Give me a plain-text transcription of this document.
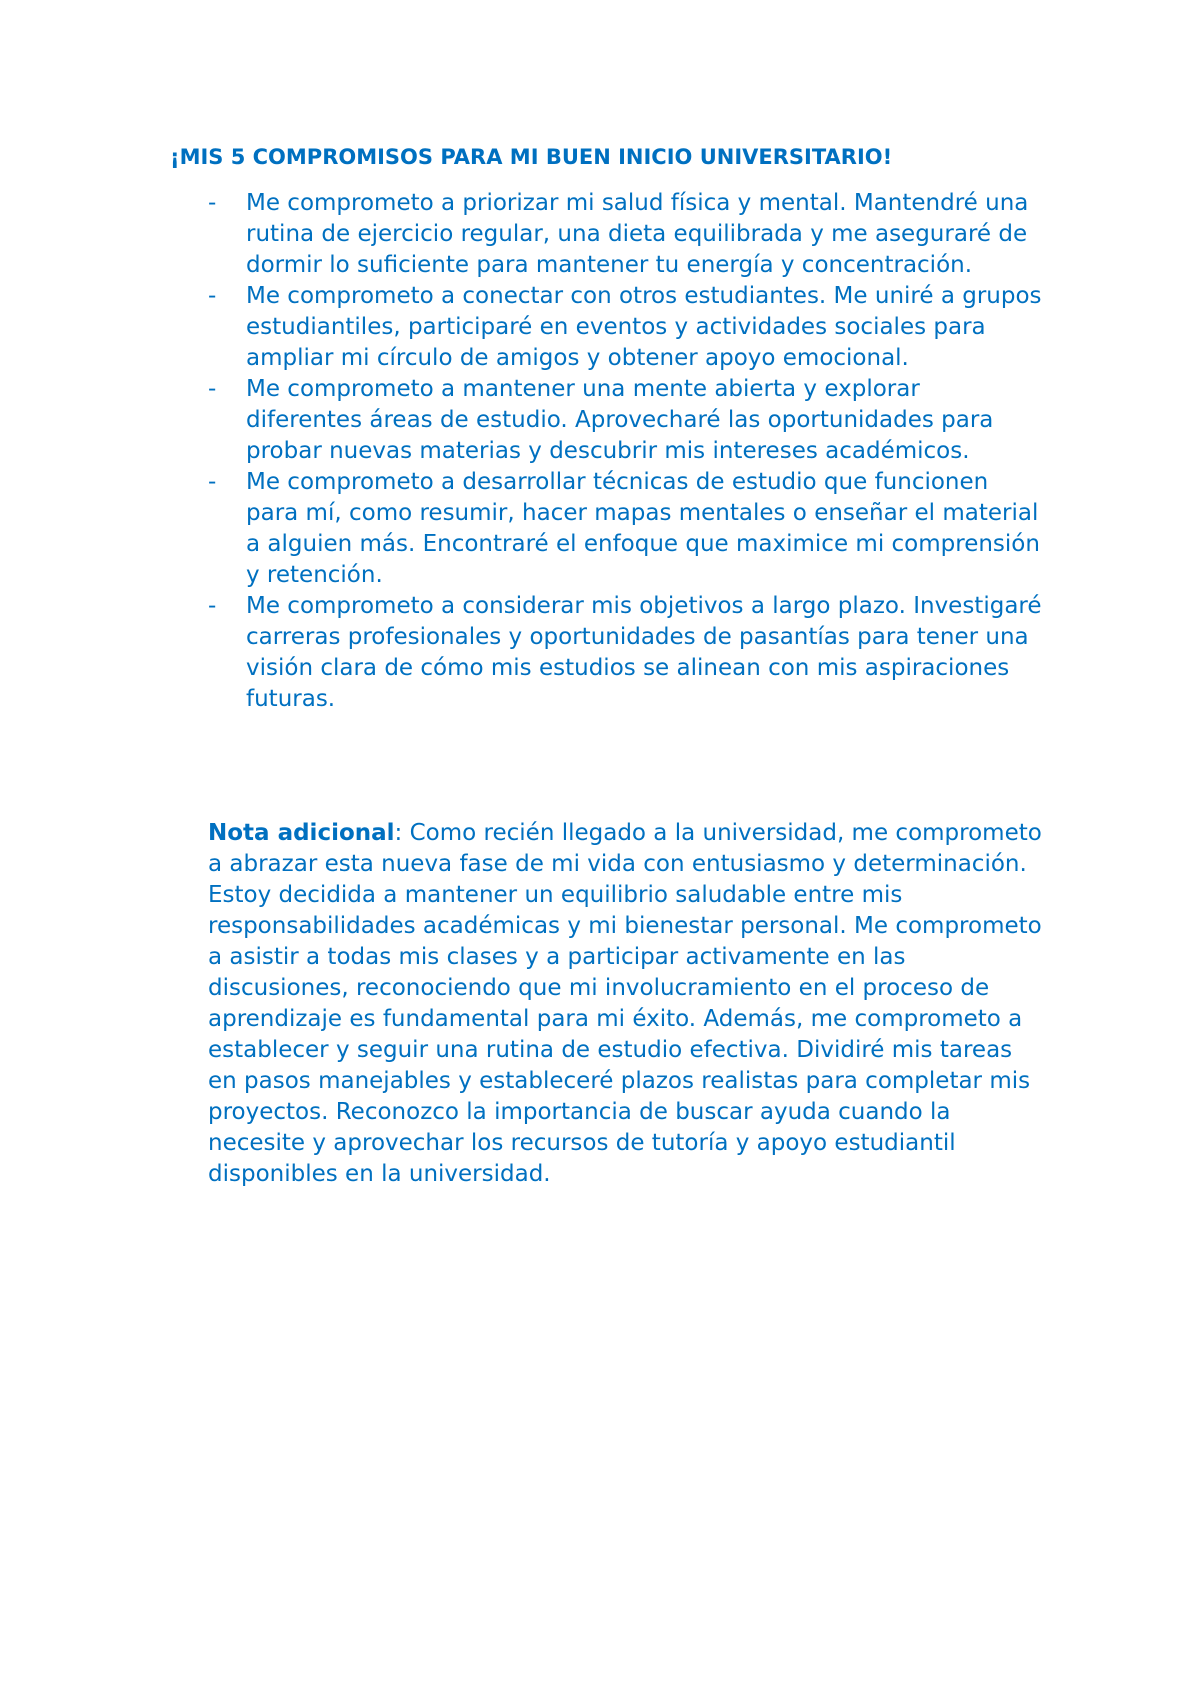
¡MIS 5 COMPROMISOS PARA MI BUEN INICIO UNIVERSITARIO!
-	Me comprometo a priorizar mi salud física y mental. Mantendré una rutina de ejercicio regular, una dieta equilibrada y me aseguraré de dormir lo suficiente para mantener tu energía y concentración.
-	Me comprometo a conectar con otros estudiantes. Me uniré a grupos estudiantiles, participaré en eventos y actividades sociales para ampliar mi círculo de amigos y obtener apoyo emocional.
-	Me comprometo a mantener una mente abierta y explorar diferentes áreas de estudio. Aprovecharé las oportunidades para probar nuevas materias y descubrir mis intereses académicos.
-	Me comprometo a desarrollar técnicas de estudio que funcionen para mí, como resumir, hacer mapas mentales o enseñar el material a alguien más. Encontraré el enfoque que maximice mi comprensión y retención.
-	Me comprometo a considerar mis objetivos a largo plazo. Investigaré carreras profesionales y oportunidades de pasantías para tener una visión clara de cómo mis estudios se alinean con mis aspiraciones futuras.

Nota adicional: Como recién llegado a la universidad, me comprometo a abrazar esta nueva fase de mi vida con entusiasmo y determinación. Estoy decidida a mantener un equilibrio saludable entre mis responsabilidades académicas y mi bienestar personal. Me comprometo a asistir a todas mis clases y a participar activamente en las discusiones, reconociendo que mi involucramiento en el proceso de aprendizaje es fundamental para mi éxito. Además, me comprometo a establecer y seguir una rutina de estudio efectiva. Dividiré mis tareas en pasos manejables y estableceré plazos realistas para completar mis proyectos. Reconozco la importancia de buscar ayuda cuando la necesite y aprovechar los recursos de tutoría y apoyo estudiantil disponibles en la universidad.
